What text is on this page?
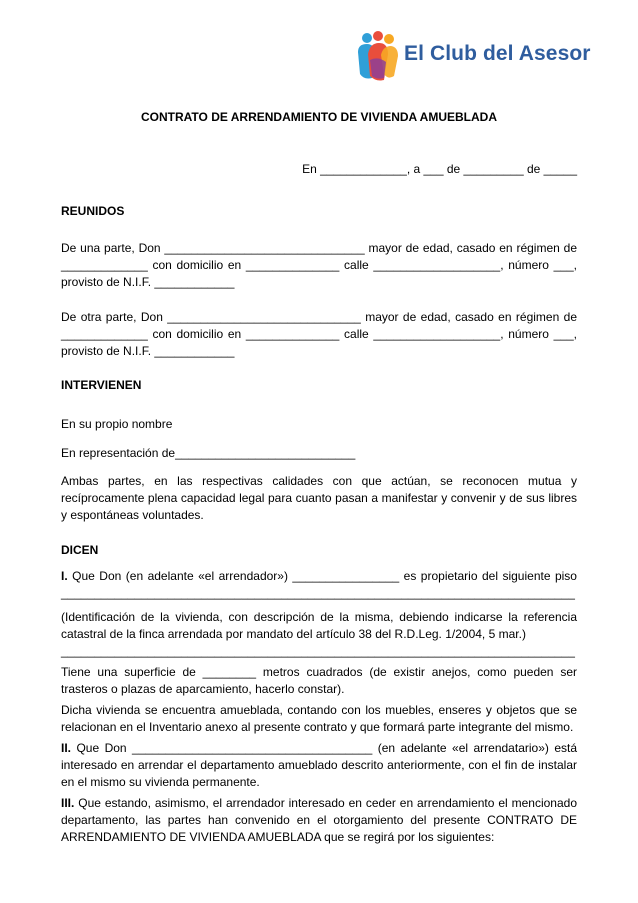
El Club del Asesor
CONTRATO DE ARRENDAMIENTO DE VIVIENDA AMUEBLADA
En _____________, a ___ de _________ de _____
REUNIDOS
De una parte, Don ______________________________ mayor de edad, casado en régimen de
_____________ con domicilio en ______________ calle ___________________, número ___,
provisto de N.I.F. ____________
De otra parte, Don _____________________________ mayor de edad, casado en régimen de
_____________ con domicilio en ______________ calle ___________________, número ___,
provisto de N.I.F. ____________
INTERVIENEN
En su propio nombre
En representación de___________________________
Ambas partes, en las respectivas calidades con que actúan, se reconocen mutua y recíprocamente plena capacidad legal para cuanto pasan a manifestar y convenir y de sus libres y espontáneas voluntades.
DICEN
I. Que Don (en adelante «el arrendador») ________________ es propietario del siguiente piso
_____________________________________________________________________________
(Identificación de la vivienda, con descripción de la misma, debiendo indicarse la referencia catastral de la finca arrendada por mandato del artículo 38 del R.D.Leg. 1/2004, 5 mar.)
_____________________________________________________________________________
Tiene una superficie de ________ metros cuadrados (de existir anejos, como pueden ser trasteros o plazas de aparcamiento, hacerlo constar).
Dicha vivienda se encuentra amueblada, contando con los muebles, enseres y objetos que se relacionan en el Inventario anexo al presente contrato y que formará parte integrante del mismo.
II. Que Don ____________________________________ (en adelante «el arrendatario») está interesado en arrendar el departamento amueblado descrito anteriormente, con el fin de instalar en el mismo su vivienda permanente.
III. Que estando, asimismo, el arrendador interesado en ceder en arrendamiento el mencionado departamento, las partes han convenido en el otorgamiento del presente CONTRATO DE ARRENDAMIENTO DE VIVIENDA AMUEBLADA que se regirá por los siguientes:
